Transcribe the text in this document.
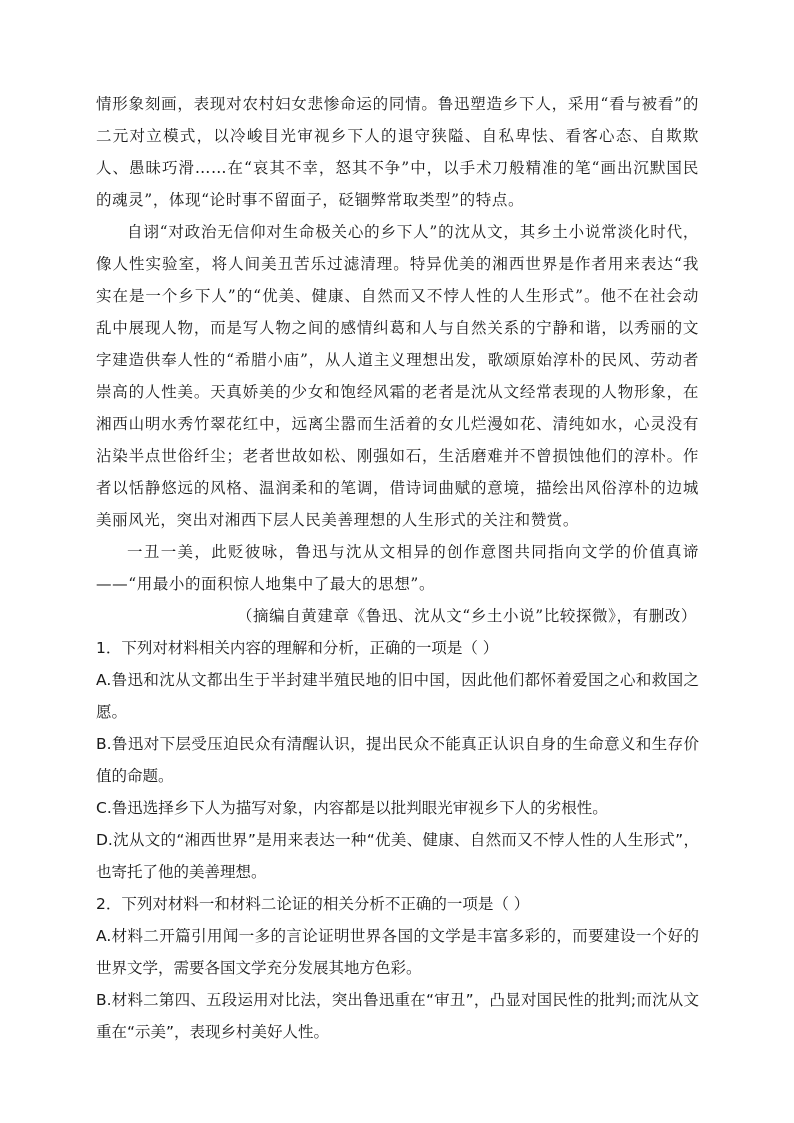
情形象刻画，表现对农村妇女悲惨命运的同情。鲁迅塑造乡下人，采用“看与被看”的二元对立模式，以冷峻目光审视乡下人的退守狭隘、自私卑怯、看客心态、自欺欺人、愚昧巧滑……在“哀其不幸，怒其不争”中，以手术刀般精准的笔“画出沉默国民的魂灵”，体现“论时事不留面子，砭锢弊常取类型”的特点。

自诩“对政治无信仰对生命极关心的乡下人”的沈从文，其乡土小说常淡化时代，像人性实验室，将人间美丑苦乐过滤清理。特异优美的湘西世界是作者用来表达“我实在是一个乡下人”的“优美、健康、自然而又不悖人性的人生形式”。他不在社会动乱中展现人物，而是写人物之间的感情纠葛和人与自然关系的宁静和谐，以秀丽的文字建造供奉人性的“希腊小庙”，从人道主义理想出发，歌颂原始淳朴的民风、劳动者崇高的人性美。天真娇美的少女和饱经风霜的老者是沈从文经常表现的人物形象，在湘西山明水秀竹翠花红中，远离尘嚣而生活着的女儿烂漫如花、清纯如水，心灵没有沾染半点世俗纤尘；老者世故如松、刚强如石，生活磨难并不曾损蚀他们的淳朴。作者以恬静悠远的风格、温润柔和的笔调，借诗词曲赋的意境，描绘出风俗淳朴的边城美丽风光，突出对湘西下层人民美善理想的人生形式的关注和赞赏。

一丑一美，此贬彼咏，鲁迅与沈从文相异的创作意图共同指向文学的价值真谛——“用最小的面积惊人地集中了最大的思想”。

（摘编自黄建章《鲁迅、沈从文“乡土小说”比较探微》，有删改）

1．下列对材料相关内容的理解和分析，正确的一项是（ ）

A.鲁迅和沈从文都出生于半封建半殖民地的旧中国，因此他们都怀着爱国之心和救国之愿。

B.鲁迅对下层受压迫民众有清醒认识，提出民众不能真正认识自身的生命意义和生存价值的命题。

C.鲁迅选择乡下人为描写对象，内容都是以批判眼光审视乡下人的劣根性。

D.沈从文的“湘西世界”是用来表达一种“优美、健康、自然而又不悖人性的人生形式”，也寄托了他的美善理想。

2．下列对材料一和材料二论证的相关分析不正确的一项是（ ）

A.材料二开篇引用闻一多的言论证明世界各国的文学是丰富多彩的，而要建设一个好的世界文学，需要各国文学充分发展其地方色彩。

B.材料二第四、五段运用对比法，突出鲁迅重在“审丑”，凸显对国民性的批判;而沈从文重在“示美”，表现乡村美好人性。
